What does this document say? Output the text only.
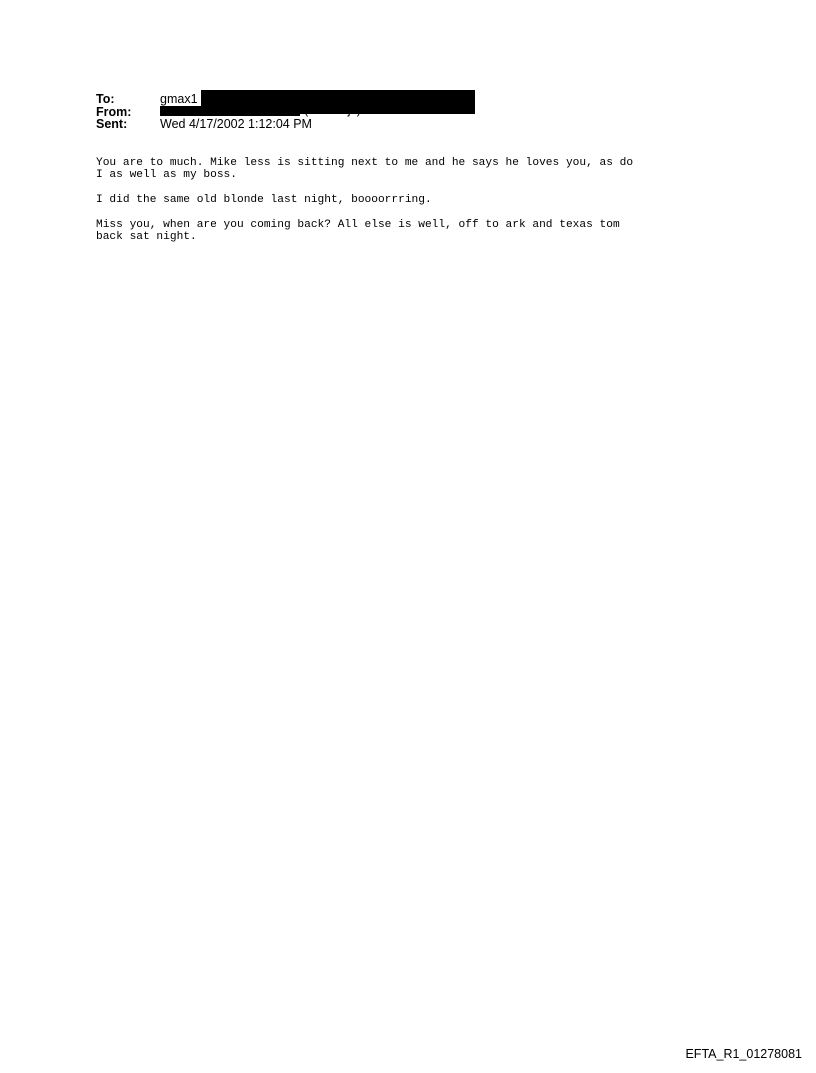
To:	gmax1
From:	(WJC wjc)
Sent:	Wed 4/17/2002 1:12:04 PM
You are to much. Mike less is sitting next to me and he says he loves you, as do
I as well as my boss.
I did the same old blonde last night, boooorrring.
Miss you, when are you coming back? All else is well, off to ark and texas tom
back sat night.
EFTA_R1_01278081
